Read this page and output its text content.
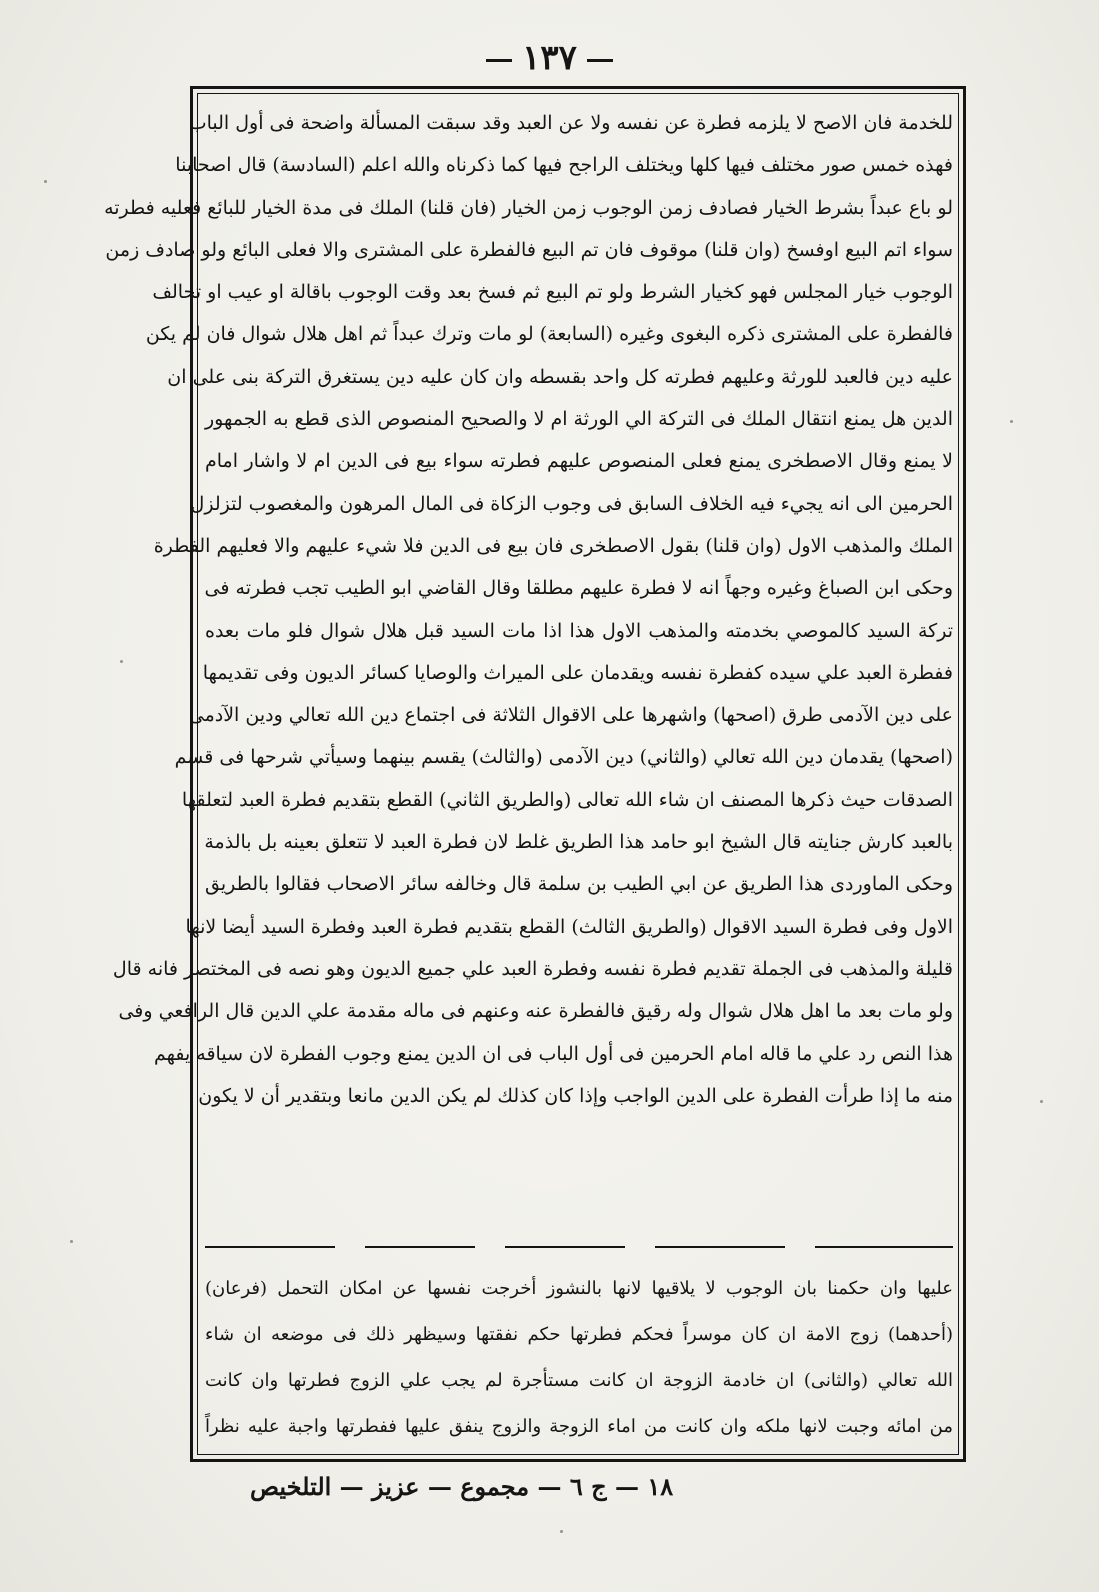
١٣٧
للخدمة فان الاصح لا يلزمه فطرة عن نفسه ولا عن العبد وقد سبقت المسألة واضحة فى أول الباب
فهذه خمس صور مختلف فيها كلها ويختلف الراجح فيها كما ذكرناه والله اعلم (السادسة) قال اصحابنا
لو باع عبداً بشرط الخيار فصادف زمن الوجوب زمن الخيار (فان قلنا) الملك فى مدة الخيار للبائع فعليه فطرته
سواء اتم البيع اوفسخ (وان قلنا) موقوف فان تم البيع فالفطرة على المشترى والا فعلى البائع ولو صادف زمن
الوجوب خيار المجلس فهو كخيار الشرط ولو تم البيع ثم فسخ بعد وقت الوجوب باقالة او عيب او تحالف
فالفطرة على المشترى ذكره البغوى وغيره (السابعة) لو مات وترك عبداً ثم اهل هلال شوال فان لم يكن
عليه دين فالعبد للورثة وعليهم فطرته كل واحد بقسطه وان كان عليه دين يستغرق التركة بنى على ان
الدين هل يمنع انتقال الملك فى التركة الي الورثة ام لا والصحيح المنصوص الذى قطع به الجمهور
لا يمنع وقال الاصطخرى يمنع فعلى المنصوص عليهم فطرته سواء بيع فى الدين ام لا واشار امام
الحرمين الى انه يجيء فيه الخلاف السابق فى وجوب الزكاة فى المال المرهون والمغصوب لتزلزل
الملك والمذهب الاول (وان قلنا) بقول الاصطخرى فان بيع فى الدين فلا شيء عليهم والا فعليهم الفطرة
وحكى ابن الصباغ وغيره وجهاً انه لا فطرة عليهم مطلقا وقال القاضي ابو الطيب تجب فطرته فى
تركة السيد كالموصي بخدمته والمذهب الاول هذا اذا مات السيد قبل هلال شوال فلو مات بعده
ففطرة العبد علي سيده كفطرة نفسه ويقدمان على الميراث والوصايا كسائر الديون وفى تقديمها
على دين الآدمى طرق (اصحها) واشهرها على الاقوال الثلاثة فى اجتماع دين الله تعالي ودين الآدمى
(اصحها) يقدمان دين الله تعالي (والثاني) دين الآدمى (والثالث) يقسم بينهما وسيأتي شرحها فى قسم
الصدقات حيث ذكرها المصنف ان شاء الله تعالى (والطريق الثاني) القطع بتقديم فطرة العبد لتعلقها
بالعبد كارش جنايته قال الشيخ ابو حامد هذا الطريق غلط لان فطرة العبد لا تتعلق بعينه بل بالذمة
وحكى الماوردى هذا الطريق عن ابي الطيب بن سلمة قال وخالفه سائر الاصحاب فقالوا بالطريق
الاول وفى فطرة السيد الاقوال (والطريق الثالث) القطع بتقديم فطرة العبد وفطرة السيد أيضا لانها
قليلة والمذهب فى الجملة تقديم فطرة نفسه وفطرة العبد علي جميع الديون وهو نصه فى المختصر فانه قال
ولو مات بعد ما اهل هلال شوال وله رقيق فالفطرة عنه وعنهم فى ماله مقدمة علي الدين قال الرافعي وفى
هذا النص رد علي ما قاله امام الحرمين فى أول الباب فى ان الدين يمنع وجوب الفطرة لان سياقه يفهم
منه ما إذا طرأت الفطرة على الدين الواجب وإذا كان كذلك لم يكن الدين مانعا وبتقدير أن لا يكون
عليها وان حكمنا بان الوجوب لا يلاقيها لانها بالنشوز أخرجت نفسها عن امكان التحمل (فرعان)
(أحدهما) زوج الامة ان كان موسراً فحكم فطرتها حكم نفقتها وسيظهر ذلك فى موضعه ان شاء
الله تعالي (والثانى) ان خادمة الزوجة ان كانت مستأجرة لم يجب علي الزوج فطرتها وان كانت
من امائه وجبت لانها ملكه وان كانت من اماء الزوجة والزوج ينفق عليها ففطرتها واجبة عليه نظراً
١٨ — ج ٦ — مجموع — عزيز — التلخيص
